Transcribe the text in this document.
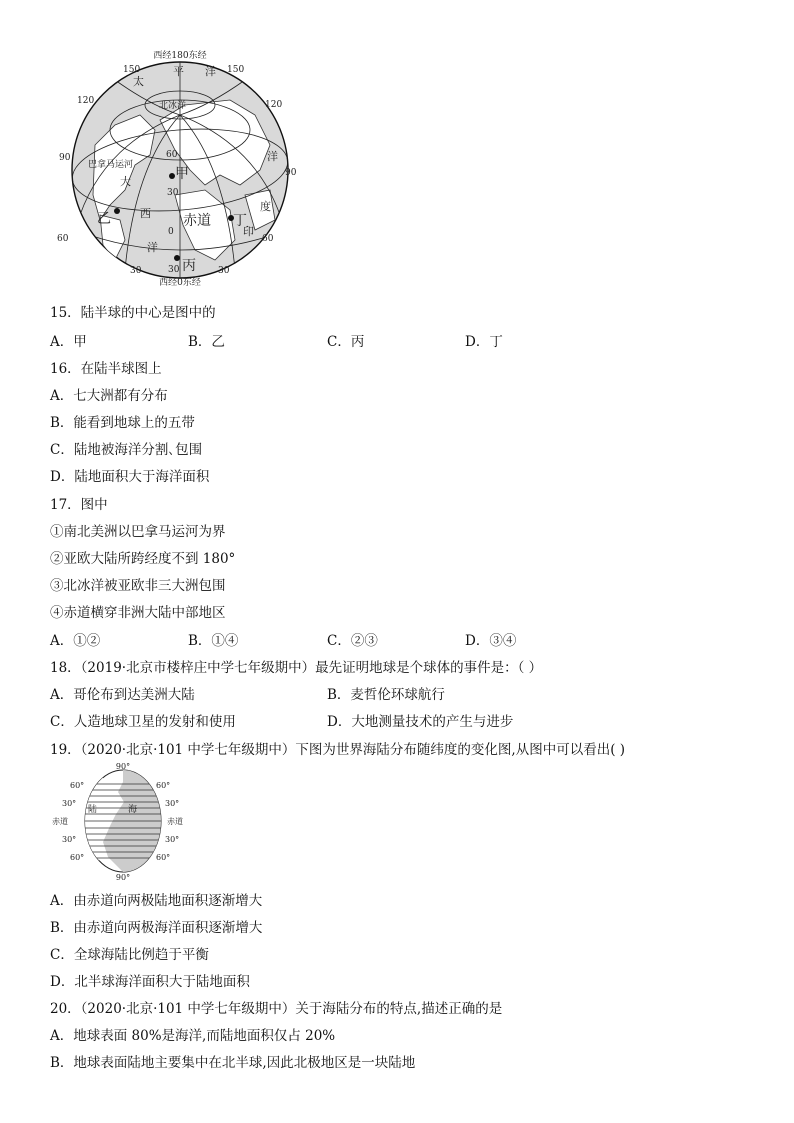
西经180东经
西经0东经
150	150
120	120
90
90
60	60
30	30
60
30
0
30
太
平 洋
北冰洋
巴拿马运河
大
西
洋
印
度
洋
甲
乙
丙
丁
赤道
15．陆半球的中心是图中的
A．甲	B．乙	C．丙	D．丁
16．在陆半球图上
A．七大洲都有分布
B．能看到地球上的五带
C．陆地被海洋分割､包围
D．陆地面积大于海洋面积
17．图中
①南北美洲以巴拿马运河为界
②亚欧大陆所跨经度不到 180°
③北冰洋被亚欧非三大洲包围
④赤道横穿非洲大陆中部地区
A．①②	B．①④	C．②③	D．③④
18．（2019·北京市楼梓庄中学七年级期中）最先证明地球是个球体的事件是：（ ）
A．哥伦布到达美洲大陆	B．麦哲伦环球航行
C．人造地球卫星的发射和使用	D．大地测量技术的产生与进步
19．（2020·北京·101 中学七年级期中）下图为世界海陆分布随纬度的变化图,从图中可以看出( )
90°
90°
60°
30°
赤道
30°
60°
60°
30°
赤道
30°
60°
陆	海
A．由赤道向两极陆地面积逐渐增大
B．由赤道向两极海洋面积逐渐增大
C．全球海陆比例趋于平衡
D．北半球海洋面积大于陆地面积
20．（2020·北京·101 中学七年级期中）关于海陆分布的特点,描述正确的是
A．地球表面 80%是海洋,而陆地面积仅占 20%
B．地球表面陆地主要集中在北半球,因此北极地区是一块陆地
